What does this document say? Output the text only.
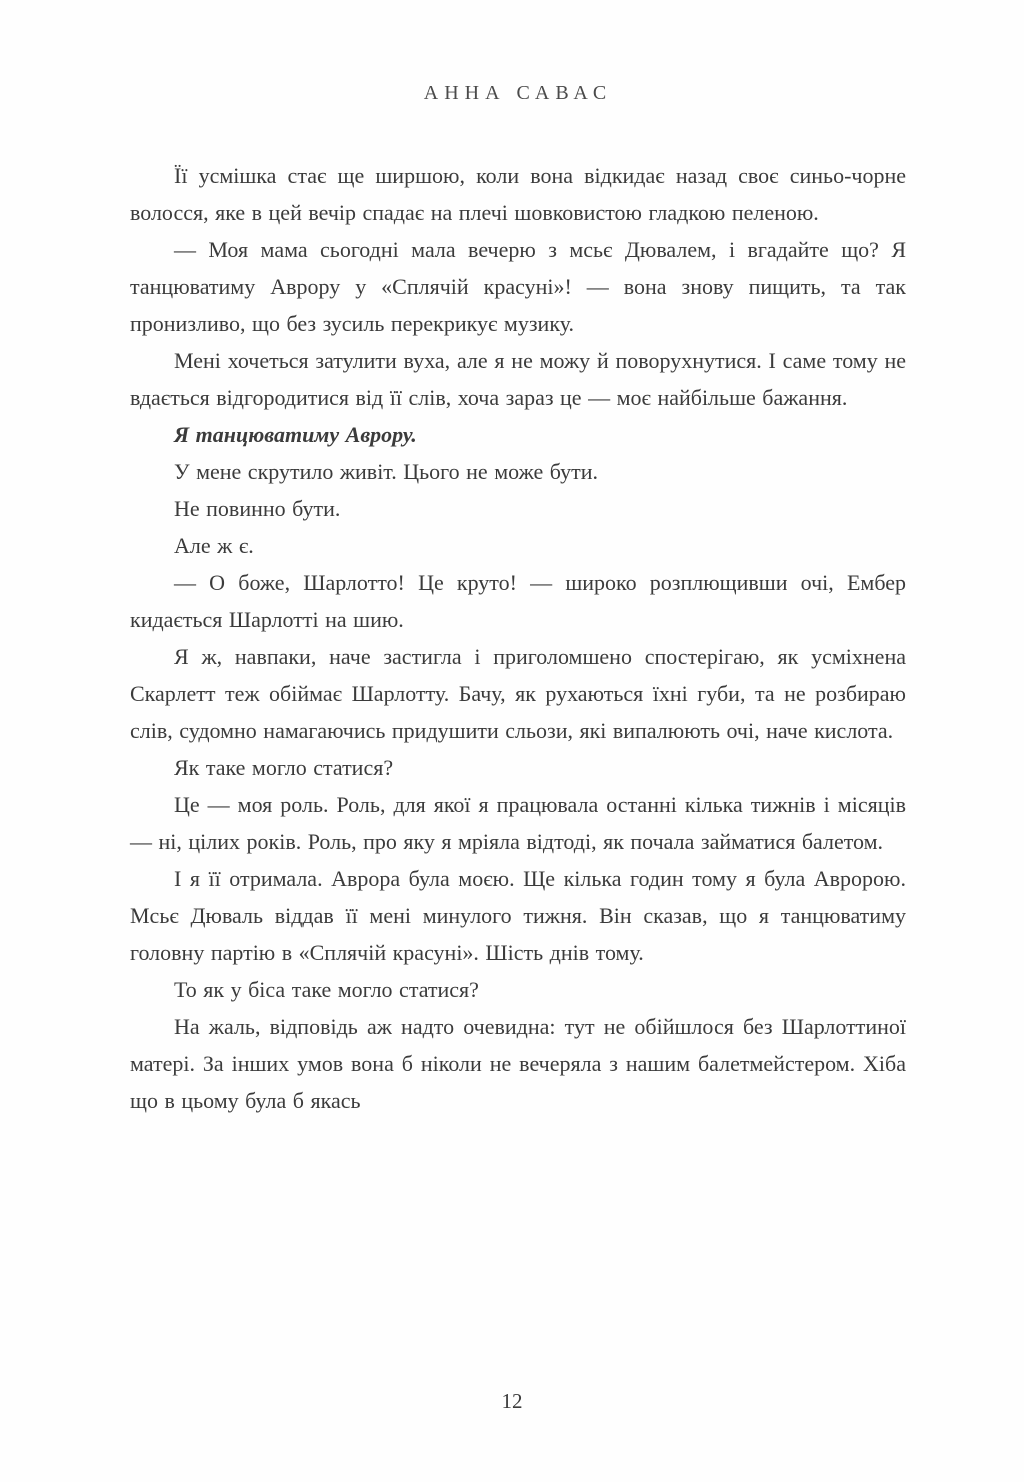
АННА САВАС

Її усмішка стає ще ширшою, коли вона відкидає назад своє синьо-чорне волосся, яке в цей вечір спадає на плечі шовковистою гладкою пеленою.

— Моя мама сьогодні мала вечерю з мсьє Дювалем, і вгадайте що? Я танцюватиму Аврору у «Сплячій красуні»! — вона знову пищить, та так пронизливо, що без зусиль перекрикує музику.

Мені хочеться затулити вуха, але я не можу й поворухнутися. І саме тому не вдається відгородитися від її слів, хоча зараз це — моє найбільше бажання.

Я танцюватиму Аврору.

У мене скрутило живіт. Цього не може бути.

Не повинно бути.

Але ж є.

— О боже, Шарлотто! Це круто! — широко розплющивши очі, Ембер кидається Шарлотті на шию.

Я ж, навпаки, наче застигла і приголомшено спостерігаю, як усміхнена Скарлетт теж обіймає Шарлотту. Бачу, як рухаються їхні губи, та не розбираю слів, судомно намагаючись придушити сльози, які випалюють очі, наче кислота.

Як таке могло статися?

Це — моя роль. Роль, для якої я працювала останні кілька тижнів і місяців — ні, цілих років. Роль, про яку я мріяла відтоді, як почала займатися балетом.

І я її отримала. Аврора була моєю. Ще кілька годин тому я була Авророю. Мсьє Дюваль віддав її мені минулого тижня. Він сказав, що я танцюватиму головну партію в «Сплячій красуні». Шість днів тому.

То як у біса таке могло статися?

На жаль, відповідь аж надто очевидна: тут не обійшлося без Шарлоттиної матері. За інших умов вона б ніколи не вечеряла з нашим балетмейстером. Хіба що в цьому була б якась

12
